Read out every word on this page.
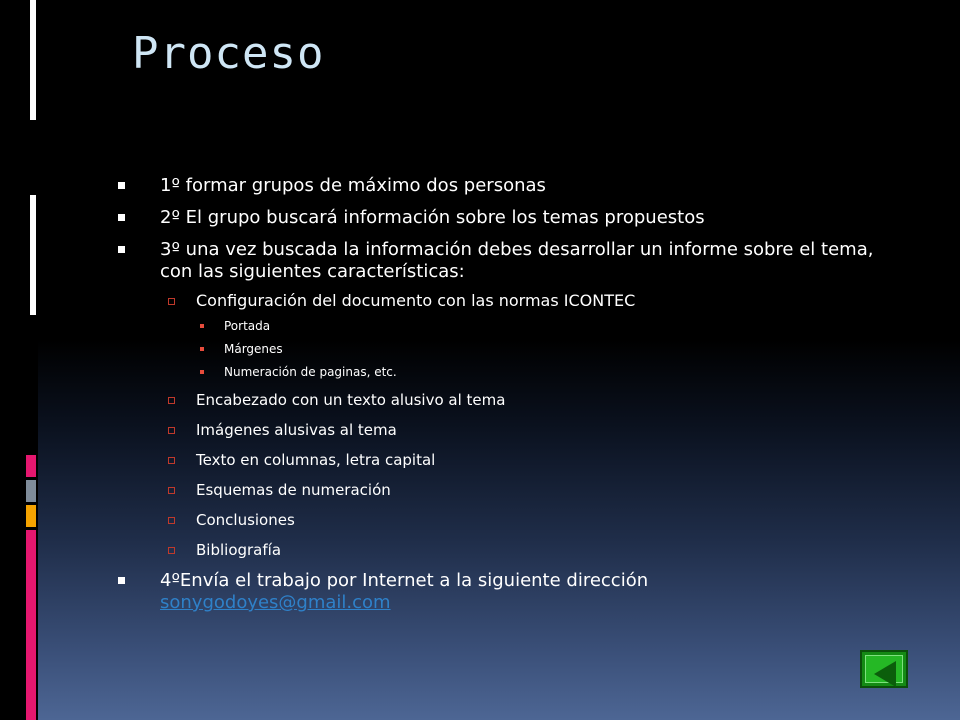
Proceso
1º formar grupos de máximo dos personas
2º El grupo buscará información sobre los temas propuestos
3º una vez buscada la información debes desarrollar un informe sobre el tema, con las siguientes características:
Configuración del documento con las normas ICONTEC
Portada
Márgenes
Numeración de paginas, etc.
Encabezado con un texto alusivo al tema
Imágenes alusivas al tema
Texto en columnas, letra capital
Esquemas de numeración
Conclusiones
Bibliografía
4ºEnvía el trabajo por Internet a la siguiente dirección
sonygodoyes@gmail.com
